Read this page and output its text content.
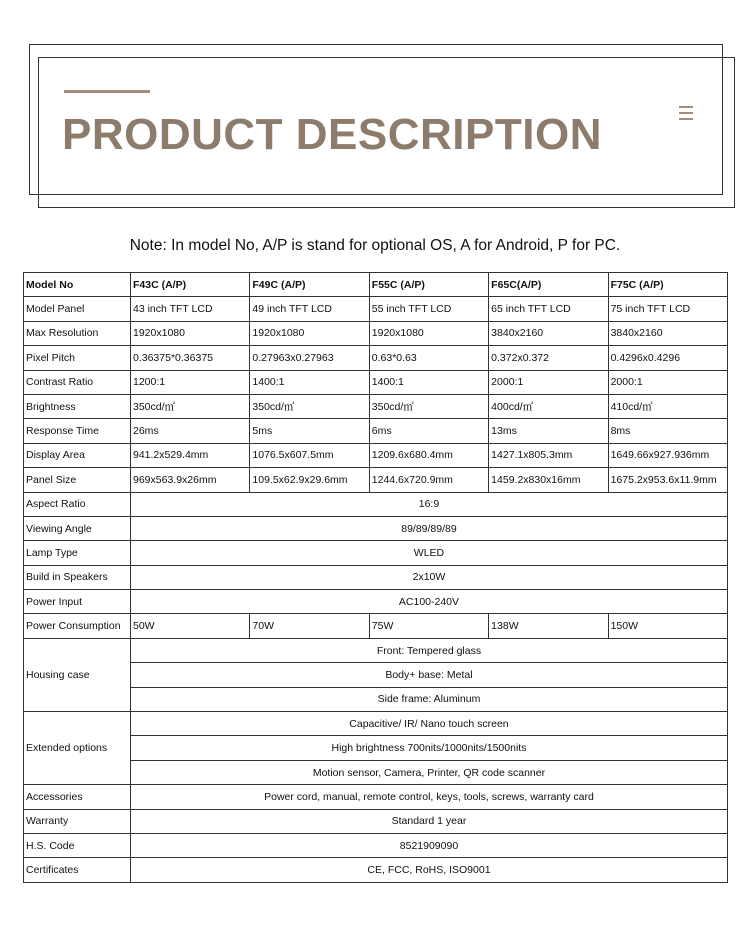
PRODUCT DESCRIPTION
Note: In model No, A/P is stand for optional OS, A for Android, P for PC.
Model No	F43C (A/P)	F49C (A/P)	F55C (A/P)	F65C(A/P)	F75C (A/P)
Model Panel	43 inch TFT LCD	49 inch TFT LCD	55 inch TFT LCD	65 inch TFT LCD	75 inch TFT LCD
Max Resolution	1920x1080	1920x1080	1920x1080	3840x2160	3840x2160
Pixel Pitch	0.36375*0.36375	0.27963x0.27963	0.63*0.63	0.372x0.372	0.4296x0.4296
Contrast Ratio	1200:1	1400:1	1400:1	2000:1	2000:1
Brightness	350cd/㎡	350cd/㎡	350cd/㎡	400cd/㎡	410cd/㎡
Response Time	26ms	5ms	6ms	13ms	8ms
Display Area	941.2x529.4mm	1076.5x607.5mm	1209.6x680.4mm	1427.1x805.3mm	1649.66x927.936mm
Panel Size	969x563.9x26mm	109.5x62.9x29.6mm	1244.6x720.9mm	1459.2x830x16mm	1675.2x953.6x11.9mm
Aspect Ratio	16:9				
Viewing Angle	89/89/89/89				
Lamp Type	WLED				
Build in Speakers	2x10W				
Power Input	AC100-240V				
Power Consumption	50W	70W	75W	138W	150W
Housing case	Front: Tempered glass				
	Body+ base: Metal				
	Side frame: Aluminum				
Extended options	Capacitive/ IR/ Nano touch screen				
	High brightness 700nits/1000nits/1500nits				
	Motion sensor, Camera, Printer, QR code scanner				
Accessories	Power cord, manual, remote control, keys, tools, screws, warranty card				
Warranty	Standard 1 year				
H.S. Code	8521909090				
Certificates	CE, FCC, RoHS, ISO9001				
